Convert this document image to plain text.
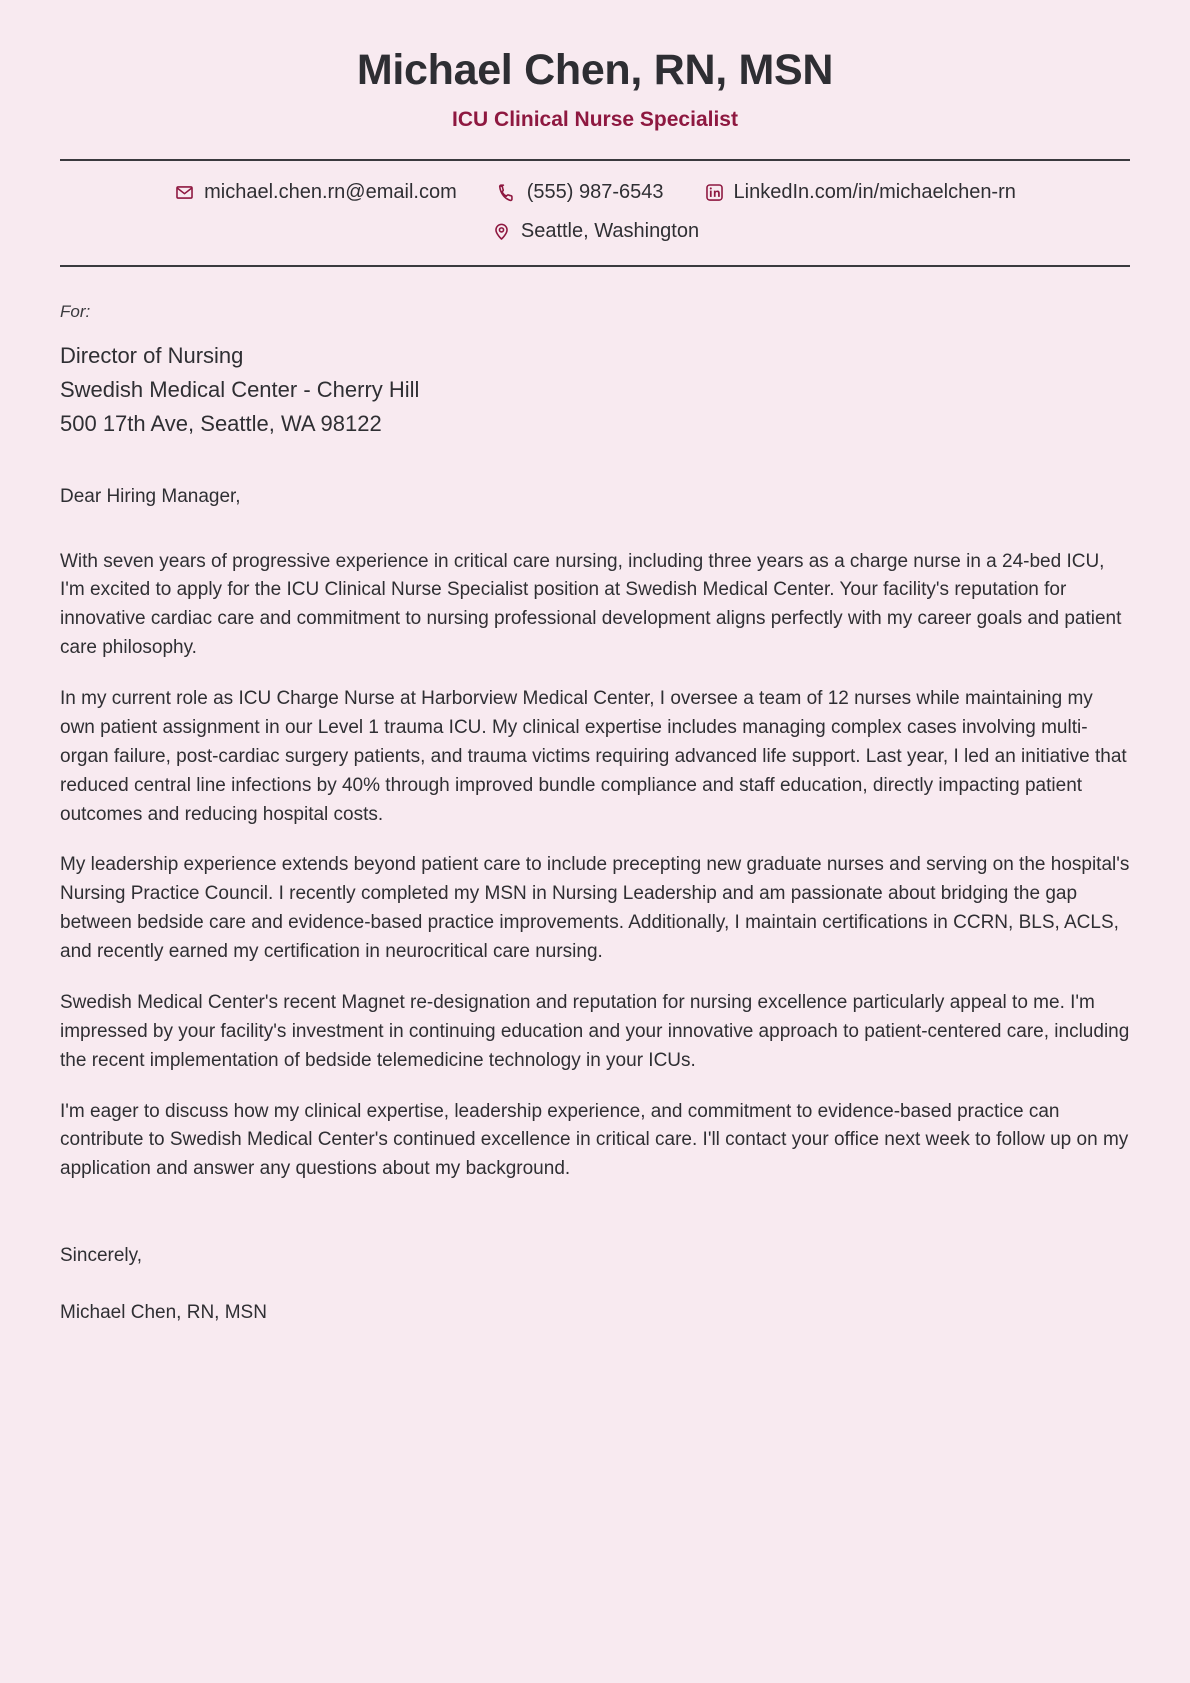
Michael Chen, RN, MSN
ICU Clinical Nurse Specialist
michael.chen.rn@email.com	(555) 987-6543	LinkedIn.com/in/michaelchen-rn
Seattle, Washington
For:
Director of Nursing
Swedish Medical Center - Cherry Hill
500 17th Ave, Seattle, WA 98122
Dear Hiring Manager,

With seven years of progressive experience in critical care nursing, including three years as a charge nurse in a 24-bed ICU, I'm excited to apply for the ICU Clinical Nurse Specialist position at Swedish Medical Center. Your facility's reputation for innovative cardiac care and commitment to nursing professional development aligns perfectly with my career goals and patient care philosophy.

In my current role as ICU Charge Nurse at Harborview Medical Center, I oversee a team of 12 nurses while maintaining my own patient assignment in our Level 1 trauma ICU. My clinical expertise includes managing complex cases involving multi-organ failure, post-cardiac surgery patients, and trauma victims requiring advanced life support. Last year, I led an initiative that reduced central line infections by 40% through improved bundle compliance and staff education, directly impacting patient outcomes and reducing hospital costs.

My leadership experience extends beyond patient care to include precepting new graduate nurses and serving on the hospital's Nursing Practice Council. I recently completed my MSN in Nursing Leadership and am passionate about bridging the gap between bedside care and evidence-based practice improvements. Additionally, I maintain certifications in CCRN, BLS, ACLS, and recently earned my certification in neurocritical care nursing.

Swedish Medical Center's recent Magnet re-designation and reputation for nursing excellence particularly appeal to me. I'm impressed by your facility's investment in continuing education and your innovative approach to patient-centered care, including the recent implementation of bedside telemedicine technology in your ICUs.

I'm eager to discuss how my clinical expertise, leadership experience, and commitment to evidence-based practice can contribute to Swedish Medical Center's continued excellence in critical care. I'll contact your office next week to follow up on my application and answer any questions about my background.

Sincerely,
Michael Chen, RN, MSN
